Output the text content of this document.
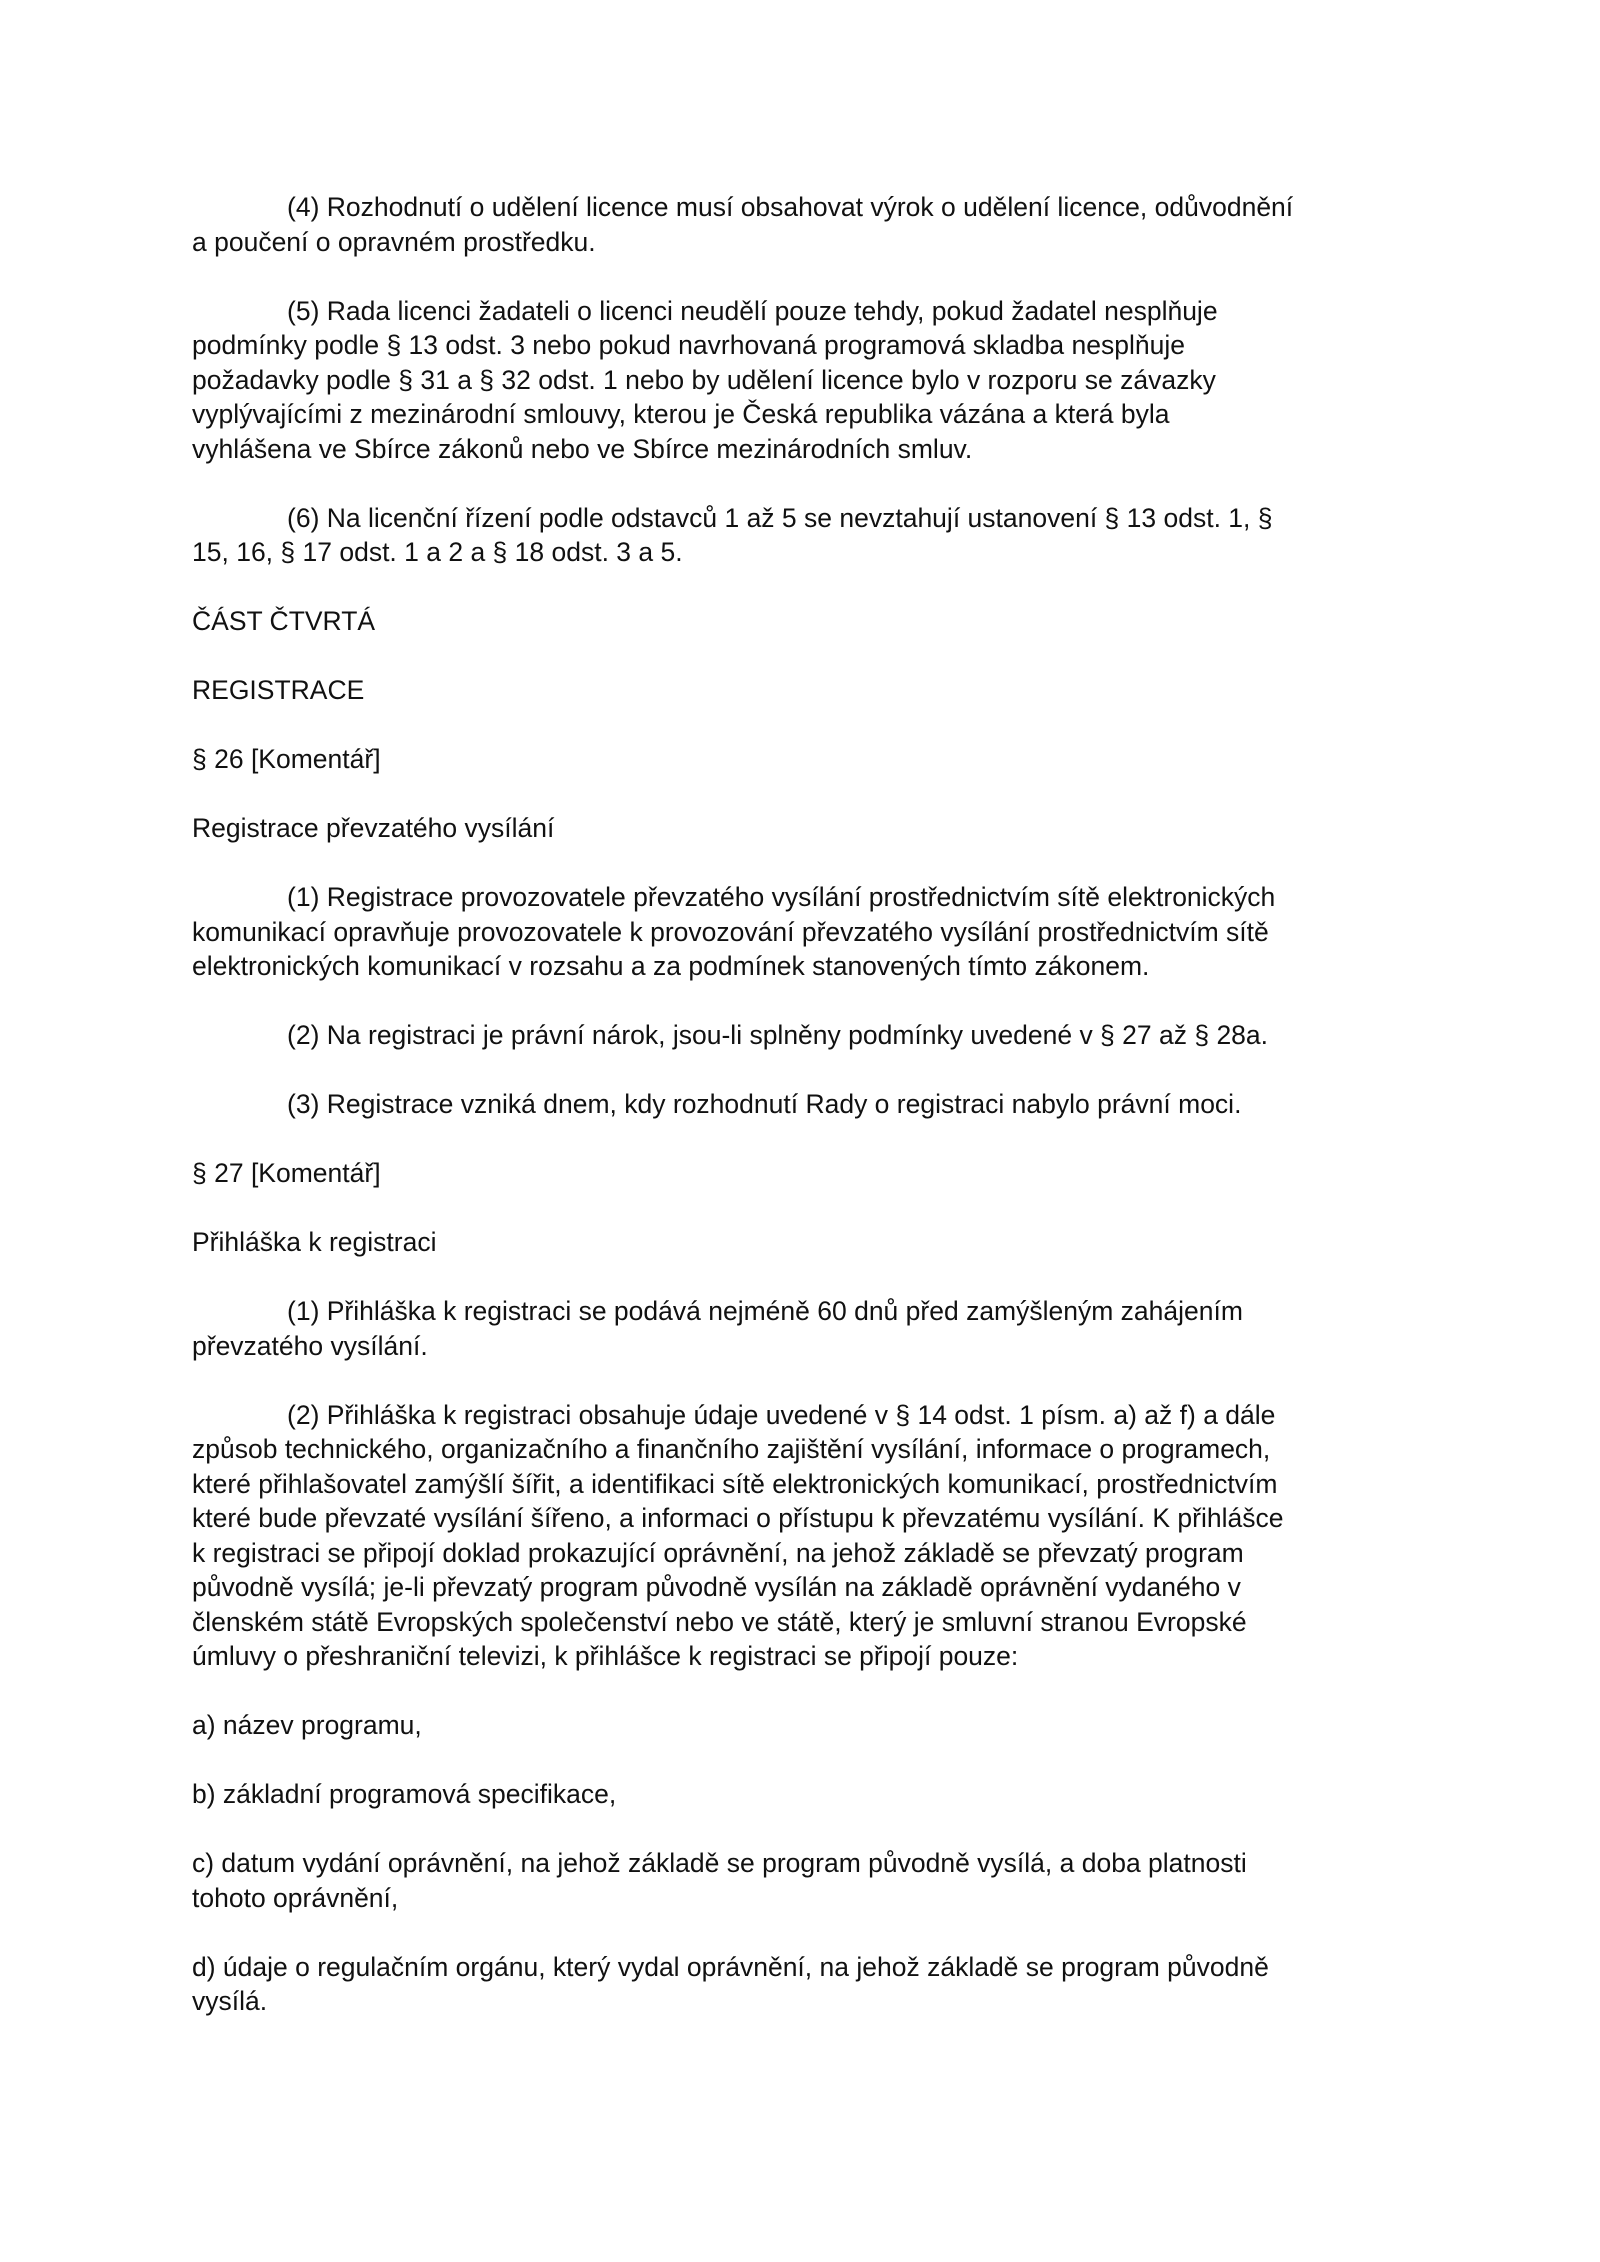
(4) Rozhodnutí o udělení licence musí obsahovat výrok o udělení licence, odůvodnění
a poučení o opravném prostředku.

(5) Rada licenci žadateli o licenci neudělí pouze tehdy, pokud žadatel nesplňuje
podmínky podle § 13 odst. 3 nebo pokud navrhovaná programová skladba nesplňuje
požadavky podle § 31 a § 32 odst. 1 nebo by udělení licence bylo v rozporu se závazky
vyplývajícími z mezinárodní smlouvy, kterou je Česká republika vázána a která byla
vyhlášena ve Sbírce zákonů nebo ve Sbírce mezinárodních smluv.

(6) Na licenční řízení podle odstavců 1 až 5 se nevztahují ustanovení § 13 odst. 1, §
15, 16, § 17 odst. 1 a 2 a § 18 odst. 3 a 5.

ČÁST ČTVRTÁ

REGISTRACE

§ 26 [Komentář]

Registrace převzatého vysílání

(1) Registrace provozovatele převzatého vysílání prostřednictvím sítě elektronických
komunikací opravňuje provozovatele k provozování převzatého vysílání prostřednictvím sítě
elektronických komunikací v rozsahu a za podmínek stanovených tímto zákonem.

(2) Na registraci je právní nárok, jsou-li splněny podmínky uvedené v § 27 až § 28a.

(3) Registrace vzniká dnem, kdy rozhodnutí Rady o registraci nabylo právní moci.

§ 27 [Komentář]

Přihláška k registraci

(1) Přihláška k registraci se podává nejméně 60 dnů před zamýšleným zahájením
převzatého vysílání.

(2) Přihláška k registraci obsahuje údaje uvedené v § 14 odst. 1 písm. a) až f) a dále
způsob technického, organizačního a finančního zajištění vysílání, informace o programech,
které přihlašovatel zamýšlí šířit, a identifikaci sítě elektronických komunikací, prostřednictvím
které bude převzaté vysílání šířeno, a informaci o přístupu k převzatému vysílání. K přihlášce
k registraci se připojí doklad prokazující oprávnění, na jehož základě se převzatý program
původně vysílá; je-li převzatý program původně vysílán na základě oprávnění vydaného v
členském státě Evropských společenství nebo ve státě, který je smluvní stranou Evropské
úmluvy o přeshraniční televizi, k přihlášce k registraci se připojí pouze:

a) název programu,

b) základní programová specifikace,

c) datum vydání oprávnění, na jehož základě se program původně vysílá, a doba platnosti
tohoto oprávnění,

d) údaje o regulačním orgánu, který vydal oprávnění, na jehož základě se program původně
vysílá.
